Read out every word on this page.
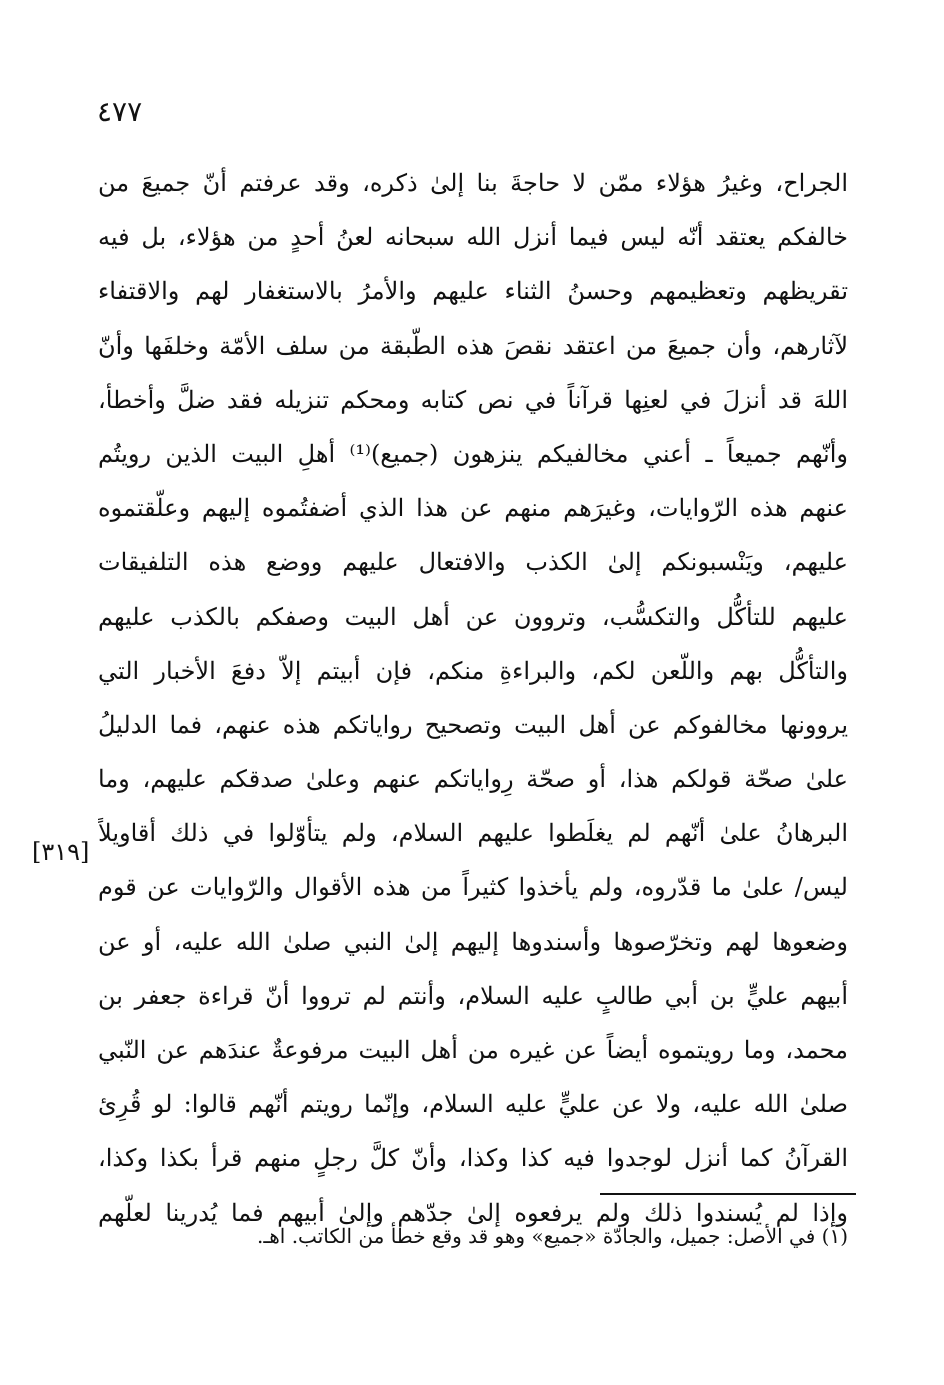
٤٧٧
[٣١٩]
الجراح، وغيرُ هؤلاء ممّن لا حاجةَ بنا إلىٰ ذكره، وقد عرفتم أنّ جميعَ من
خالفكم يعتقد أنّه ليس فيما أنزل الله سبحانه لعنُ أحدٍ من هؤلاء، بل فيه
تقريظهم وتعظيمهم وحسنُ الثناء عليهم والأمرُ بالاستغفار لهم والاقتفاء
لآثارهم، وأن جميعَ من اعتقد نقصَ هذه الطّبقة من سلف الأمّة وخلفَها وأنّ
اللهَ قد أنزلَ في لعنِها قرآناً في نص كتابه ومحكم تنزيله فقد ضلَّ وأخطأ،
وأنّهم جميعاً ـ أعني مخالفيكم ينزهون (جميع)⁽¹⁾ أهلِ البيت الذين رويتُم
عنهم هذه الرّوايات، وغيرَهم منهم عن هذا الذي أضفتُموه إليهم وعلّقتموه
عليهم، ويَنْسبونكم إلىٰ الكذب والافتعال عليهم ووضع هذه التلفيقات
عليهم للتأكُّل والتكسُّب، وتروون عن أهل البيت وصفكم بالكذب عليهم
والتأكُّل بهم واللّعن لكم، والبراءةِ منكم، فإن أبيتم إلاّ دفعَ الأخبار التي
يروونها مخالفوكم عن أهل البيت وتصحيح رواياتكم هذه عنهم، فما الدليلُ
علىٰ صحّة قولكم هذا، أو صحّة رِواياتكم عنهم وعلىٰ صدقكم عليهم، وما
البرهانُ علىٰ أنّهم لم يغلَطوا عليهم السلام، ولم يتأوّلوا في ذلك أقاويلاً
ليس/ علىٰ ما قدّروه، ولم يأخذوا كثيراً من هذه الأقوال والرّوايات عن قوم
وضعوها لهم وتخرّصوها وأسندوها إليهم إلىٰ النبي صلىٰ الله عليه، أو عن
أبيهم عليٍّ بن أبي طالبٍ عليه السلام، وأنتم لم ترووا أنّ قراءة جعفر بن
محمد، وما رويتموه أيضاً عن غيره من أهل البيت مرفوعةٌ عندَهم عن النّبي
صلىٰ الله عليه، ولا عن عليٍّ عليه السلام، وإنّما رويتم أنّهم قالوا: لو قُرِئ
القرآنُ كما أنزل لوجدوا فيه كذا وكذا، وأنّ كلَّ رجلٍ منهم قرأ بكذا وكذا،
وإذا لم يُسندوا ذلك ولم يرفعوه إلىٰ جدّهم وإلىٰ أبيهم فما يُدرينا لعلّهم
(١) في الأصل: جميل، والجادّة «جميع» وهو قد وقع خطأ من الكاتب. اهـ.
